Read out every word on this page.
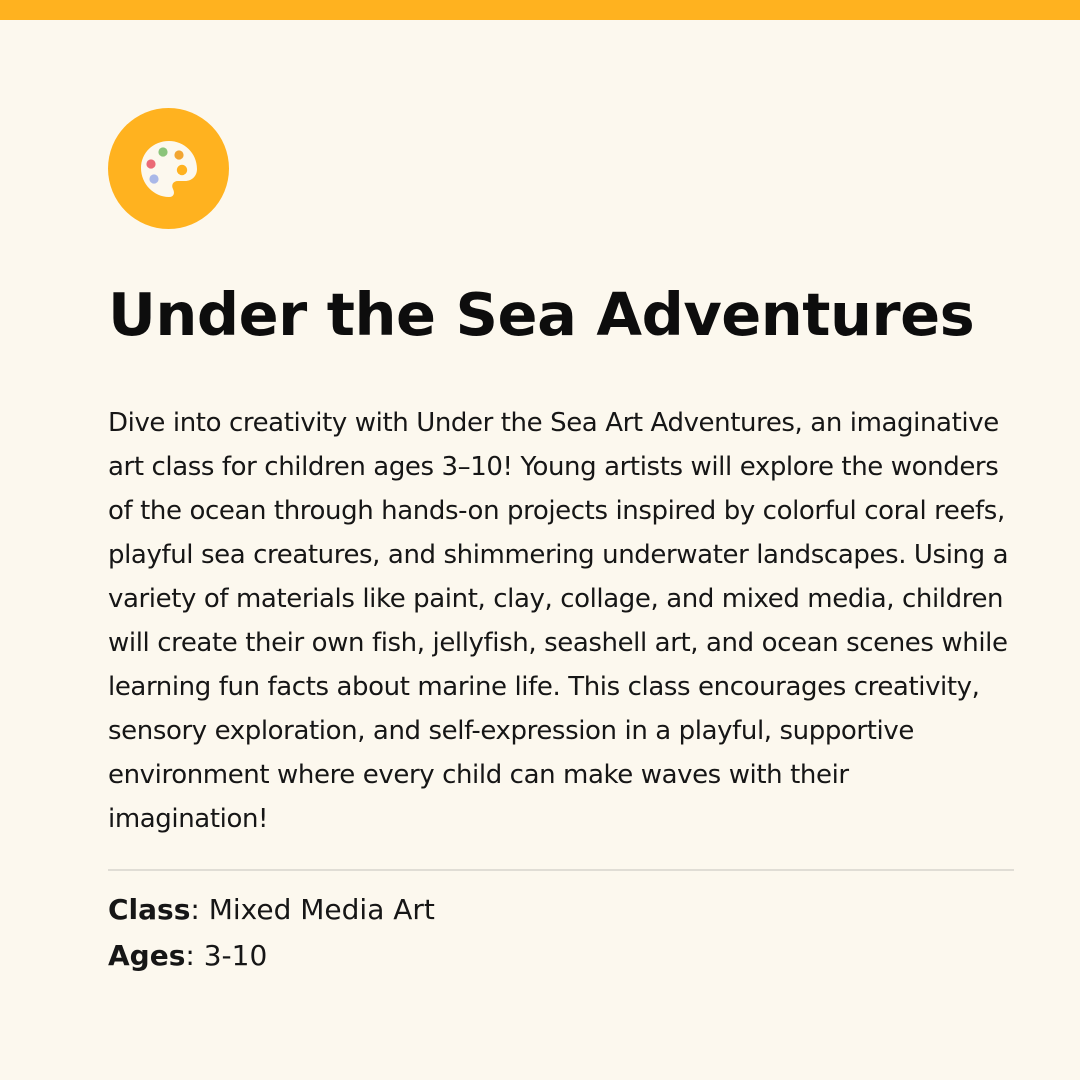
Under the Sea Adventures

Dive into creativity with Under the Sea Art Adventures, an imaginative art class for children ages 3–10! Young artists will explore the wonders of the ocean through hands-on projects inspired by colorful coral reefs, playful sea creatures, and shimmering underwater landscapes. Using a variety of materials like paint, clay, collage, and mixed media, children will create their own fish, jellyfish, seashell art, and ocean scenes while learning fun facts about marine life. This class encourages creativity, sensory exploration, and self-expression in a playful, supportive environment where every child can make waves with their imagination!

Class: Mixed Media Art
Ages: 3-10
